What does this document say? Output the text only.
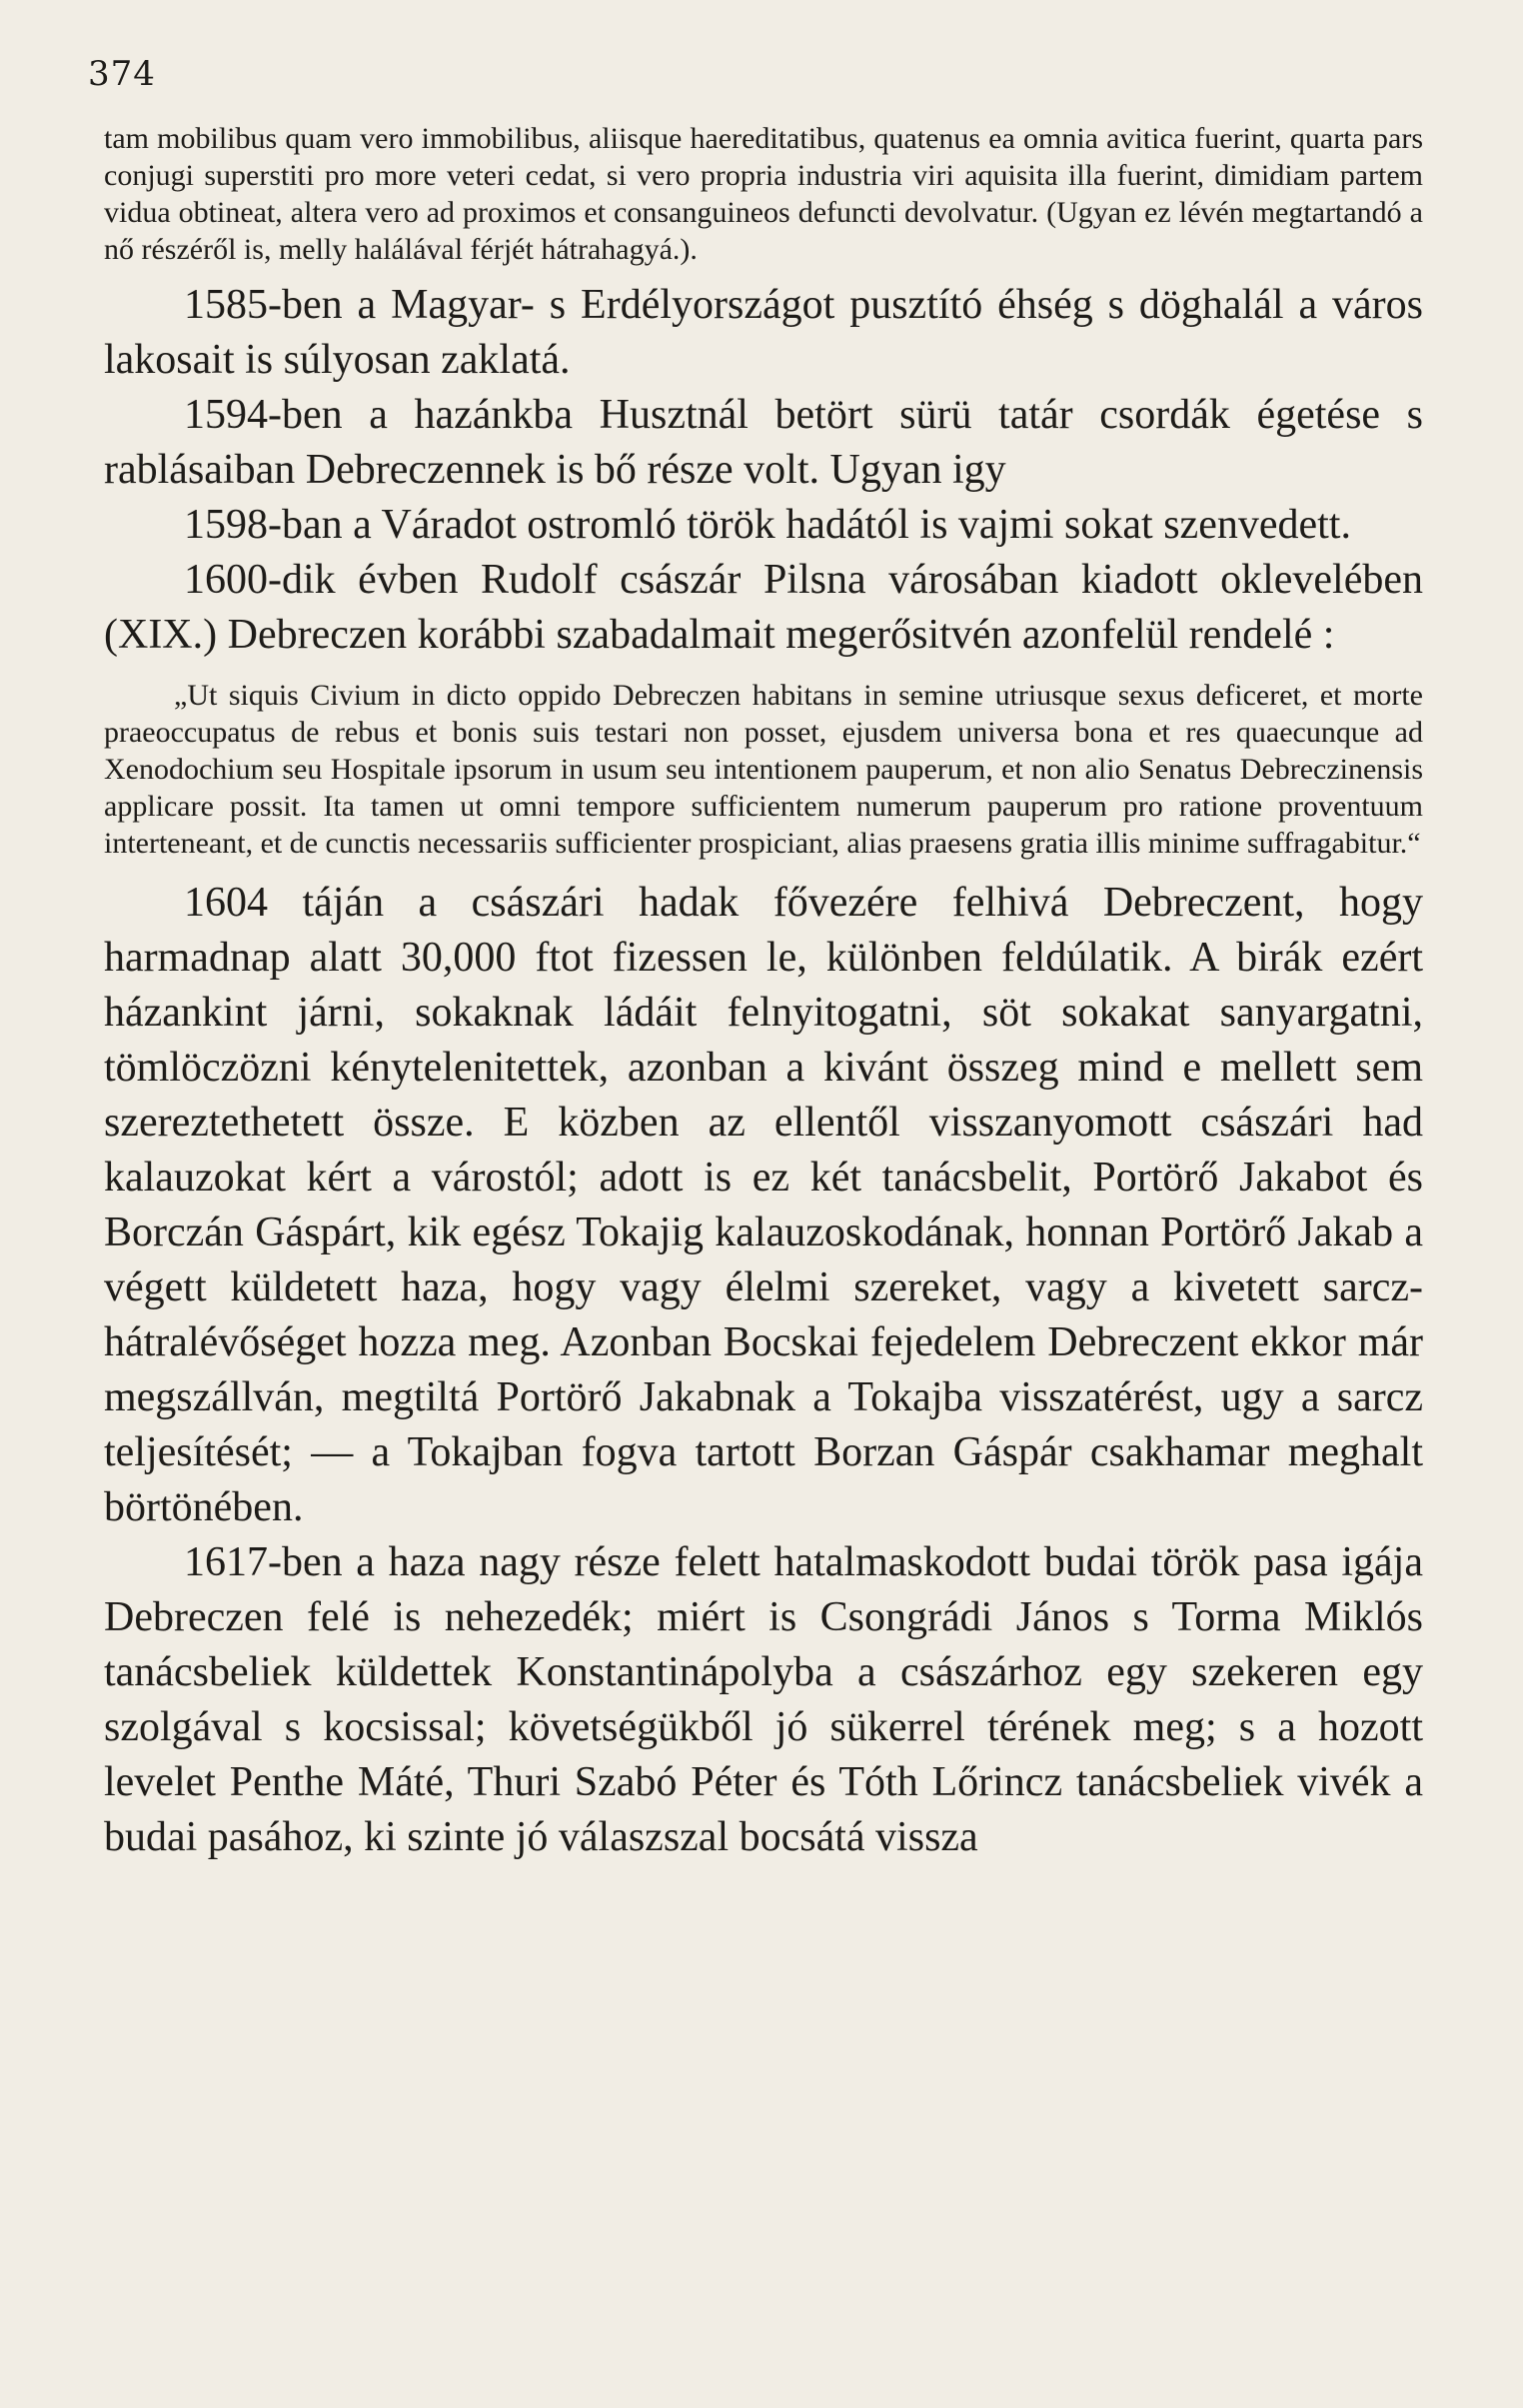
374

tam mobilibus quam vero immobilibus, aliisque haereditatibus, quatenus ea omnia avitica fuerint, quarta pars conjugi superstiti pro more veteri cedat, si vero propria industria viri aquisita illa fuerint, dimidiam partem vidua obtineat, altera vero ad proximos et consanguineos defuncti devolvatur. (Ugyan ez lévén megtartandó a nő részéről is, melly halálával férjét hátrahagyá.).

1585-ben a Magyar- s Erdélyországot pusztító éhség s döghalál a város lakosait is súlyosan zaklatá.

1594-ben a hazánkba Husztnál betört sürü tatár csordák égetése s rablásaiban Debreczennek is bő része volt. Ugyan igy

1598-ban a Váradot ostromló török hadától is vajmi sokat szenvedett.

1600-dik évben Rudolf császár Pilsna városában kiadott oklevelében (XIX.) Debreczen korábbi szabadalmait megerősitvén azonfelül rendelé :

„Ut siquis Civium in dicto oppido Debreczen habitans in semine utriusque sexus deficeret, et morte praeoccupatus de rebus et bonis suis testari non posset, ejusdem universa bona et res quaecunque ad Xenodochium seu Hospitale ipsorum in usum seu intentionem pauperum, et non alio Senatus Debreczinensis applicare possit. Ita tamen ut omni tempore sufficientem numerum pauperum pro ratione proventuum interteneant, et de cunctis necessariis sufficienter prospiciant, alias praesens gratia illis minime suffragabitur.“

1604 táján a császári hadak fővezére felhivá Debreczent, hogy harmadnap alatt 30,000 ftot fizessen le, különben feldúlatik. A birák ezért házankint járni, sokaknak ládáit felnyitogatni, söt sokakat sanyargatni, tömlöczözni kénytelenitettek, azonban a kivánt összeg mind e mellett sem szereztethetett össze. E közben az ellentől visszanyomott császári had kalauzokat kért a várostól; adott is ez két tanácsbelit, Portörő Jakabot és Borczán Gáspárt, kik egész Tokajig kalauzoskodának, honnan Portörő Jakab a végett küldetett haza, hogy vagy élelmi szereket, vagy a kivetett sarcz-hátralévőséget hozza meg. Azonban Bocskai fejedelem Debreczent ekkor már megszállván, megtiltá Portörő Jakabnak a Tokajba visszatérést, ugy a sarcz teljesítését; — a Tokajban fogva tartott Borzan Gáspár csakhamar meghalt börtönében.

1617-ben a haza nagy része felett hatalmaskodott budai török pasa igája Debreczen felé is nehezedék; miért is Csongrádi János s Torma Miklós tanácsbeliek küldettek Konstantinápolyba a császárhoz egy szekeren egy szolgával s kocsissal; követségükből jó sükerrel térének meg; s a hozott levelet Penthe Máté, Thuri Szabó Péter és Tóth Lőrincz tanácsbeliek vivék a budai pasához, ki szinte jó válaszszal bocsátá vissza
